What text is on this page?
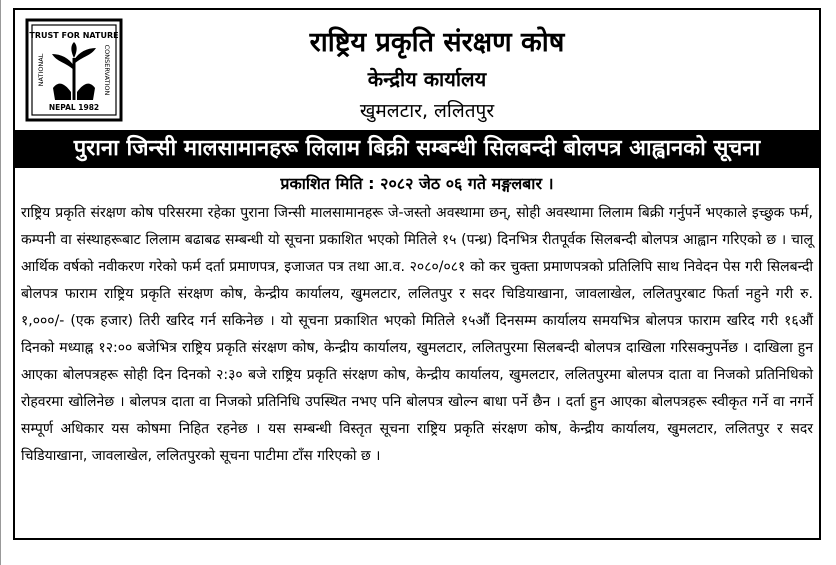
TRUST FOR NATURE
NATIONAL	CONSERVATION
NEPAL 1982
राष्ट्रिय प्रकृति संरक्षण कोष
केन्द्रीय कार्यालय
खुमलटार, ललितपुर
पुराना जिन्सी मालसामानहरू लिलाम बिक्री सम्बन्धी सिलबन्दी बोलपत्र आह्वानको सूचना
प्रकाशित मिति : २०८२ जेठ ०६ गते मङ्गलबार ।

राष्ट्रिय प्रकृति संरक्षण कोष परिसरमा रहेका पुराना जिन्सी मालसामानहरू जे-जस्तो अवस्थामा छन्, सोही अवस्थामा लिलाम बिक्री गर्नुपर्ने भएकाले इच्छुक फर्म, कम्पनी वा संस्थाहरूबाट लिलाम बढाबढ सम्बन्धी यो सूचना प्रकाशित भएको मितिले १५ (पन्ध्र) दिनभित्र रीतपूर्वक सिलबन्दी बोलपत्र आह्वान गरिएको छ । चालू आर्थिक वर्षको नवीकरण गरेको फर्म दर्ता प्रमाणपत्र, इजाजत पत्र तथा आ.व. २०८०/०८१ को कर चुक्ता प्रमाणपत्रको प्रतिलिपि साथ निवेदन पेस गरी सिलबन्दी बोलपत्र फाराम राष्ट्रिय प्रकृति संरक्षण कोष, केन्द्रीय कार्यालय, खुमलटार, ललितपुर र सदर चिडियाखाना, जावलाखेल, ललितपुरबाट फिर्ता नहुने गरी रु. १,०००/- (एक हजार) तिरी खरिद गर्न सकिनेछ । यो सूचना प्रकाशित भएको मितिले १५औं दिनसम्म कार्यालय समयभित्र बोलपत्र फाराम खरिद गरी १६औं दिनको मध्याह्न १२:०० बजेभित्र राष्ट्रिय प्रकृति संरक्षण कोष, केन्द्रीय कार्यालय, खुमलटार, ललितपुरमा सिलबन्दी बोलपत्र दाखिला गरिसक्नुपर्नेछ । दाखिला हुन आएका बोलपत्रहरू सोही दिन दिनको २:३० बजे राष्ट्रिय प्रकृति संरक्षण कोष, केन्द्रीय कार्यालय, खुमलटार, ललितपुरमा बोलपत्र दाता वा निजको प्रतिनिधिको रोहवरमा खोलिनेछ । बोलपत्र दाता वा निजको प्रतिनिधि उपस्थित नभए पनि बोलपत्र खोल्न बाधा पर्ने छैन । दर्ता हुन आएका बोलपत्रहरू स्वीकृत गर्ने वा नगर्ने सम्पूर्ण अधिकार यस कोषमा निहित रहनेछ । यस सम्बन्धी विस्तृत सूचना राष्ट्रिय प्रकृति संरक्षण कोष, केन्द्रीय कार्यालय, खुमलटार, ललितपुर र सदर चिडियाखाना, जावलाखेल, ललितपुरको सूचना पाटीमा टाँस गरिएको छ ।
